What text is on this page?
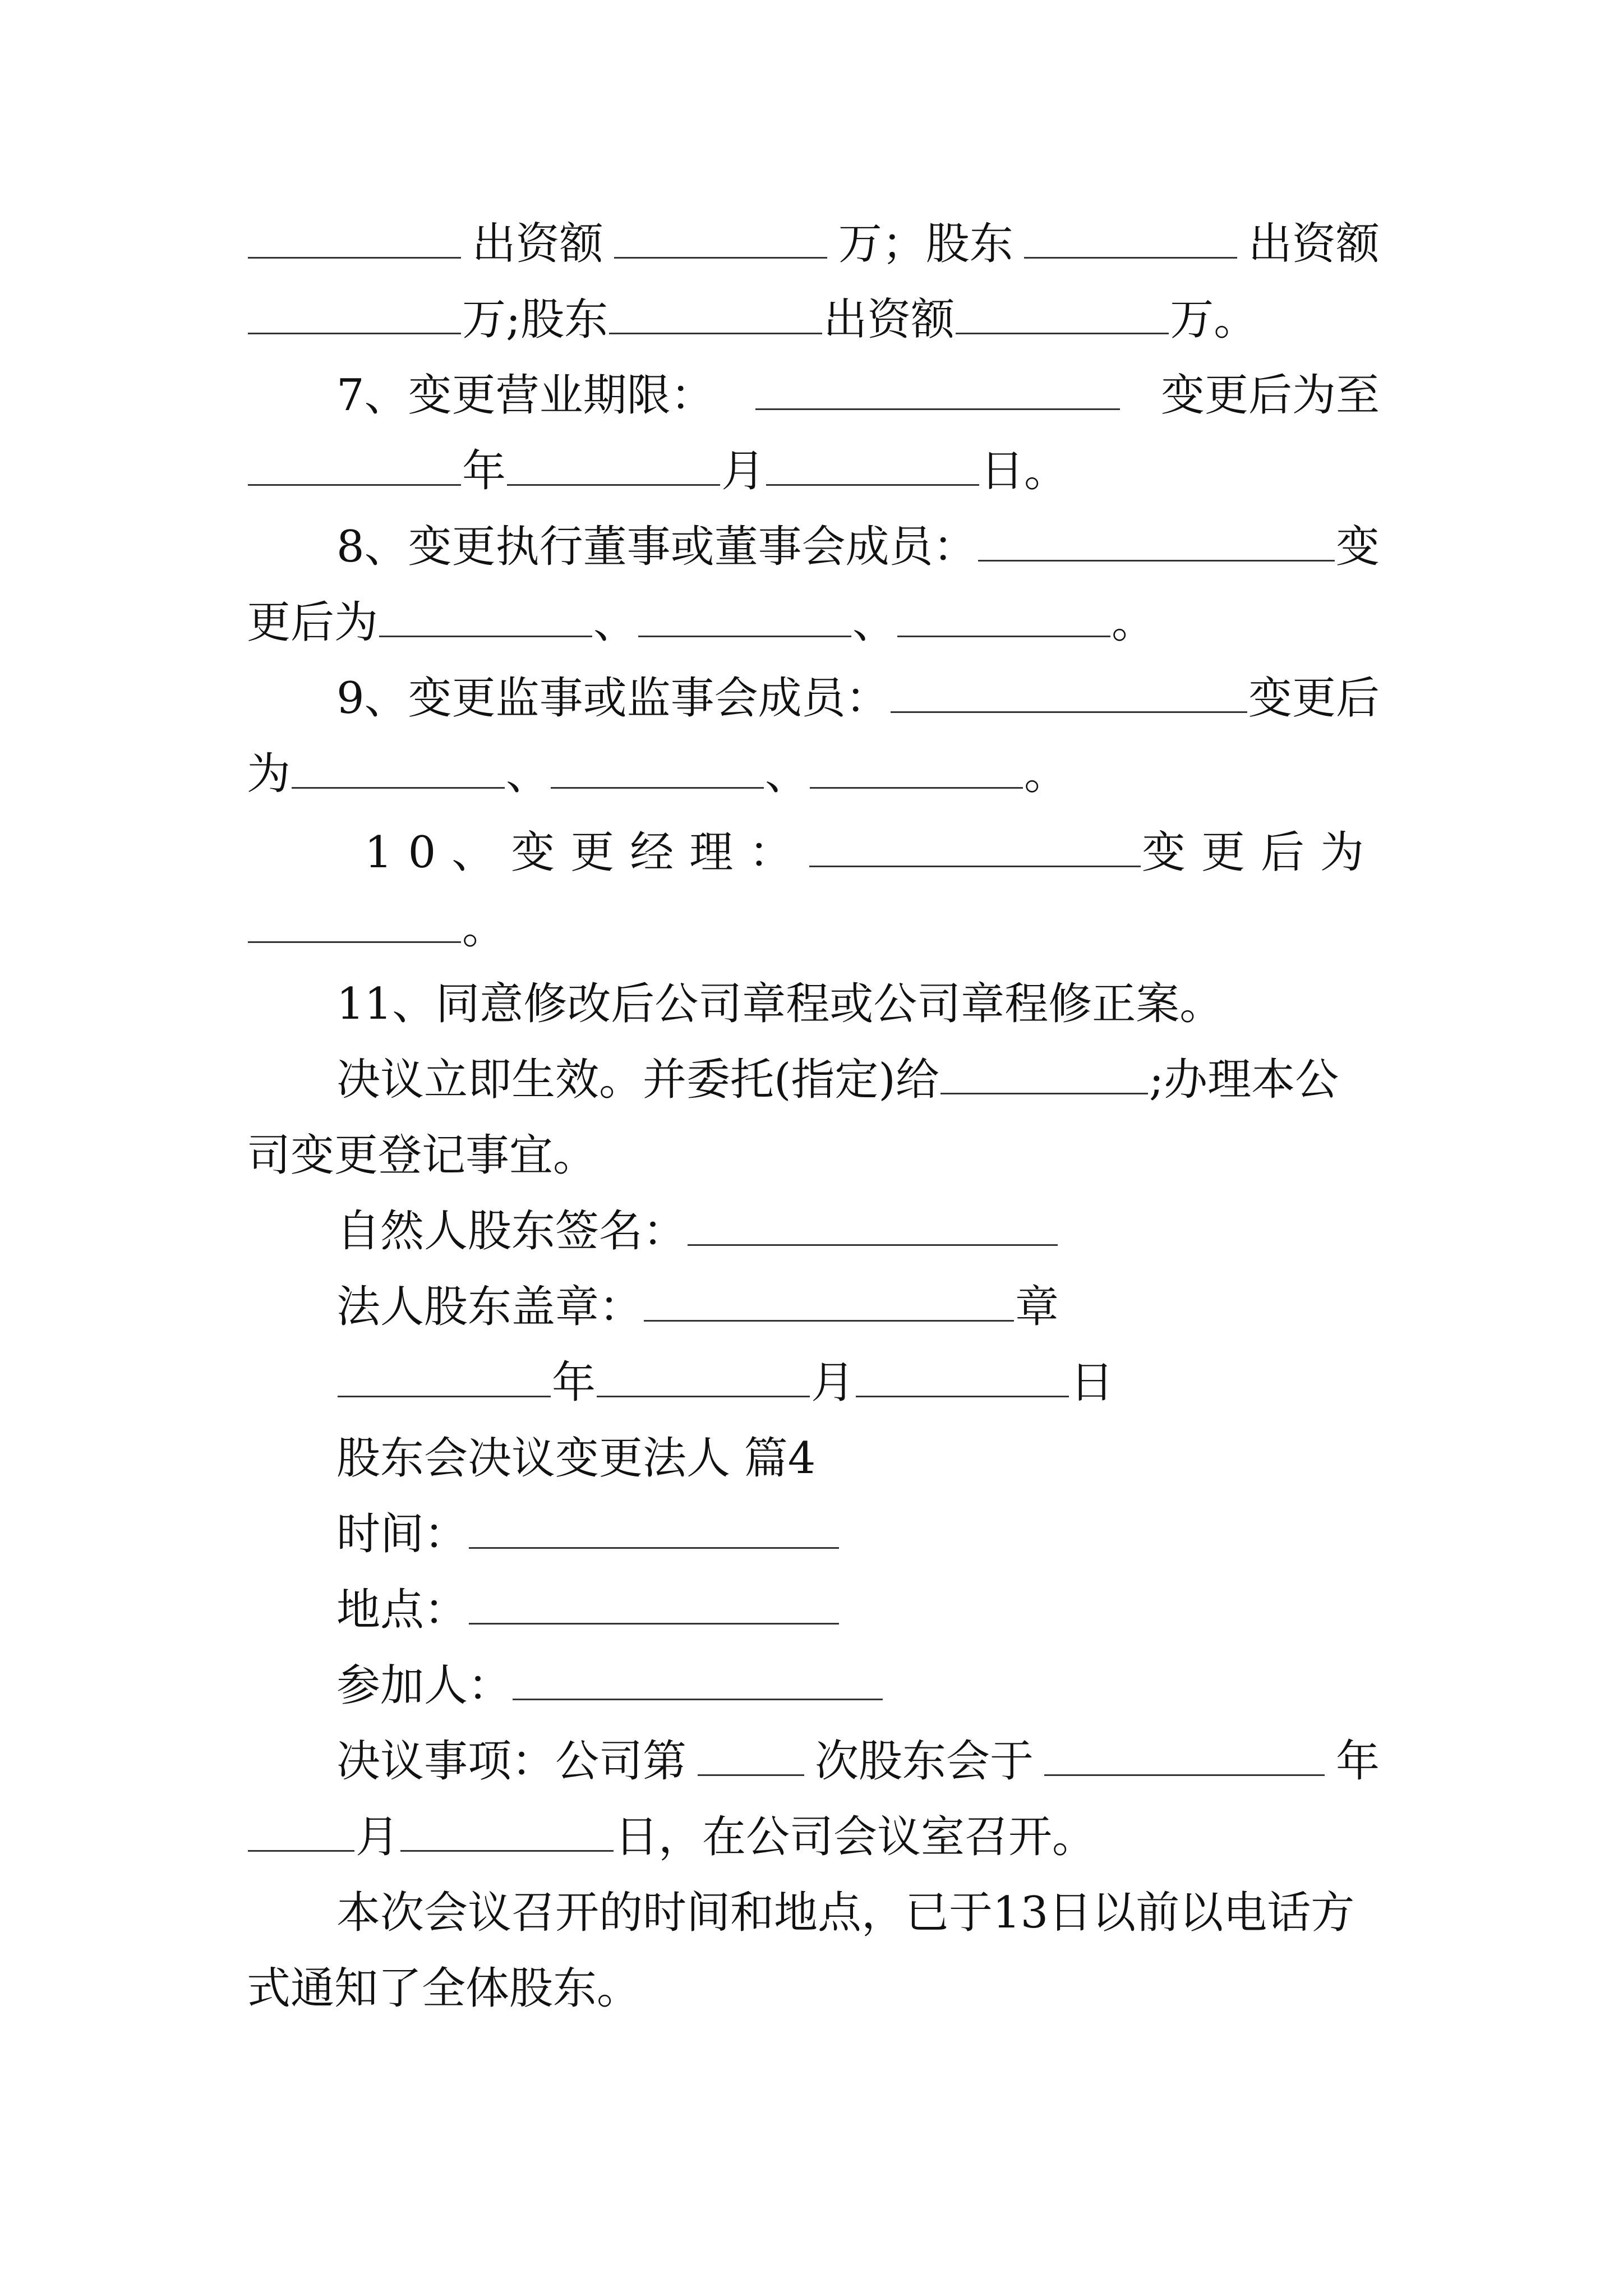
出资额	万；股东	出资额
万;股东	出资额	万。
7、变更营业期限：	变更后为至
年	月	日。
8、变更执行董事或董事会成员：	变
更后为	、	、	。
9、变更监事或监事会成员：	变更后
为	、	、	。
10、变更经理：	变更后为
。
11、同意修改后公司章程或公司章程修正案。
决议立即生效。并委托(指定)给	;办理本公
司变更登记事宜。
自然人股东签名：
法人股东盖章：	章
年	月	日
股东会决议变更法人 篇4
时间：
地点：
参加人：
决议事项：公司第	次股东会于	年
月	日，在公司会议室召开。
本次会议召开的时间和地点，已于13日以前以电话方
式通知了全体股东。
